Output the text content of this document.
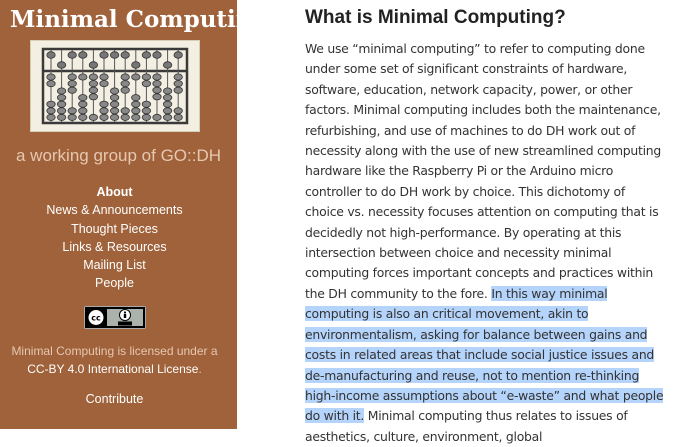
Minimal Computing
a working group of GO::DH
About
News & Announcements
Thought Pieces
Links & Resources
Mailing List
People
cc
Minimal Computing is licensed under a
CC-BY 4.0 International License.
Contribute
What is Minimal Computing?

We use “minimal computing” to refer to computing done under some set of significant constraints of hardware, software, education, network capacity, power, or other factors. Minimal computing includes both the maintenance, refurbishing, and use of machines to do DH work out of necessity along with the use of new streamlined computing hardware like the Raspberry Pi or the Arduino micro controller to do DH work by choice. This dichotomy of choice vs. necessity focuses attention on computing that is decidedly not high-performance. By operating at this intersection between choice and necessity minimal computing forces important concepts and practices within the DH community to the fore. In this way minimal computing is also an critical movement, akin to environmentalism, asking for balance between gains and costs in related areas that include social justice issues and de-manufacturing and reuse, not to mention re-thinking high-income assumptions about “e-waste” and what people do with it. Minimal computing thus relates to issues of aesthetics, culture, environment, global
